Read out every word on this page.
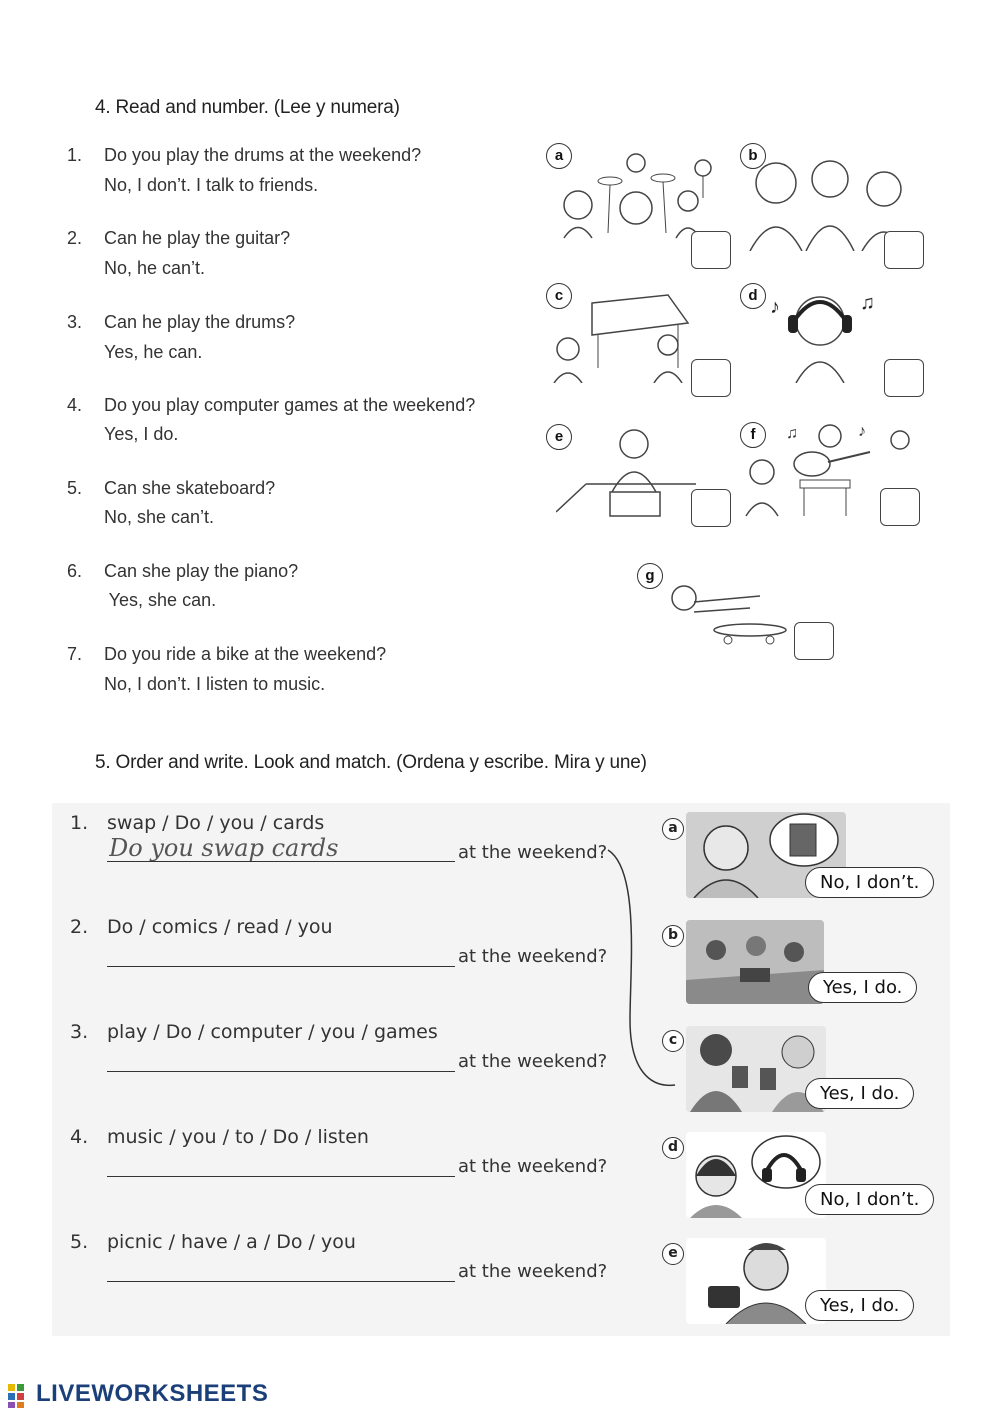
4. Read and number. (Lee y numera)
1. Do you play the drums at the weekend?
No, I don’t. I talk to friends.
2. Can he play the guitar?
No, he can’t.
3. Can he play the drums?
Yes, he can.
4. Do you play computer games at the weekend?
Yes, I do.
5. Can she skateboard?
No, she can’t.
6. Can she play the piano?
Yes, she can.
7. Do you ride a bike at the weekend?
No, I don’t. I listen to music.
a	b
c
♪	♫
d
e	♫	♪
f
g
5. Order and write. Look and match. (Ordena y escribe. Mira y une)
1. swap / Do / you / cards
Do you swap cards
at the weekend?
2. Do / comics / read / you
at the weekend?
3. play / Do / computer / you / games
at the weekend?
4. music / you / to / Do / listen
at the weekend?
5. picnic / have / a / Do / you
at the weekend?
a
No, I don’t.
b
Yes, I do.
c
Yes, I do.
d
No, I don’t.
e
Yes, I do.
LIVEWORKSHEETS
